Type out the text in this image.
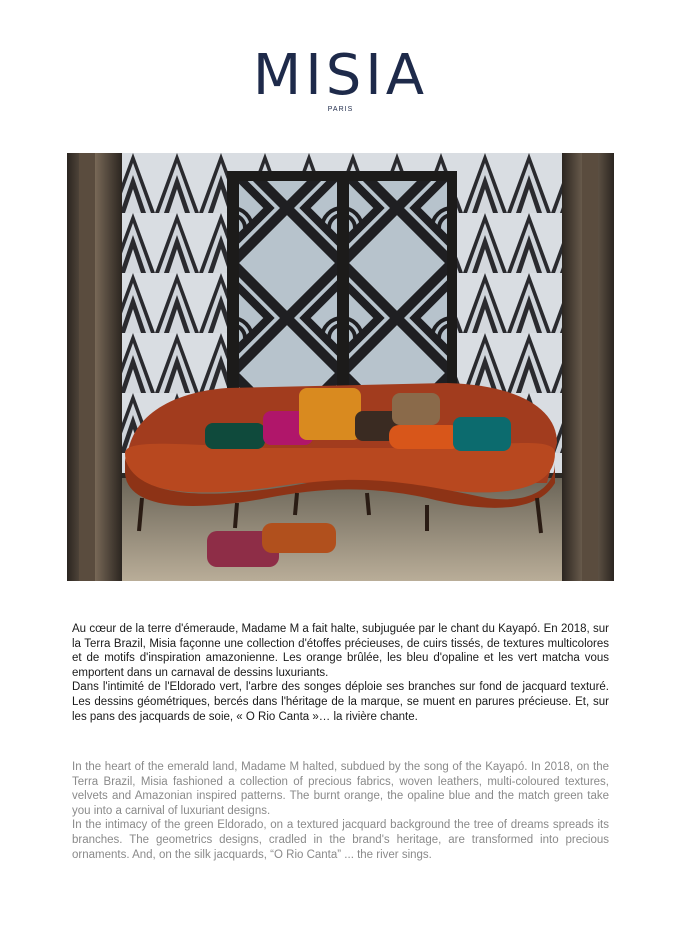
MISIA
PARIS

Au cœur de la terre d'émeraude, Madame M a fait halte, subjuguée par le chant du Kayapó. En 2018, sur la Terra Brazil, Misia façonne une collection d'étoffes précieuses, de cuirs tissés, de textures multicolores et de motifs d'inspiration amazonienne. Les orange brûlée, les bleu d'opaline et les vert matcha vous emportent dans un carnaval de dessins luxuriants.

Dans l'intimité de l'Eldorado vert, l'arbre des songes déploie ses branches sur fond de jacquard texturé. Les dessins géométriques, bercés dans l'héritage de la marque, se muent en parures précieuse. Et, sur les pans des jacquards de soie, « O Rio Canta »… la rivière chante.

In the heart of the emerald land, Madame M halted, subdued by the song of the Kayapó. In 2018, on the Terra Brazil, Misia fashioned a collection of precious fabrics, woven leathers, multi-coloured textures, velvets and Amazonian inspired patterns. The burnt orange, the opaline blue and the match green take you into a carnival of luxuriant designs.

In the intimacy of the green Eldorado, on a textured jacquard background the tree of dreams spreads its branches. The geometrics designs, cradled in the brand's heritage, are transformed into precious ornaments. And, on the silk jacquards, “O Rio Canta” ... the river sings.
